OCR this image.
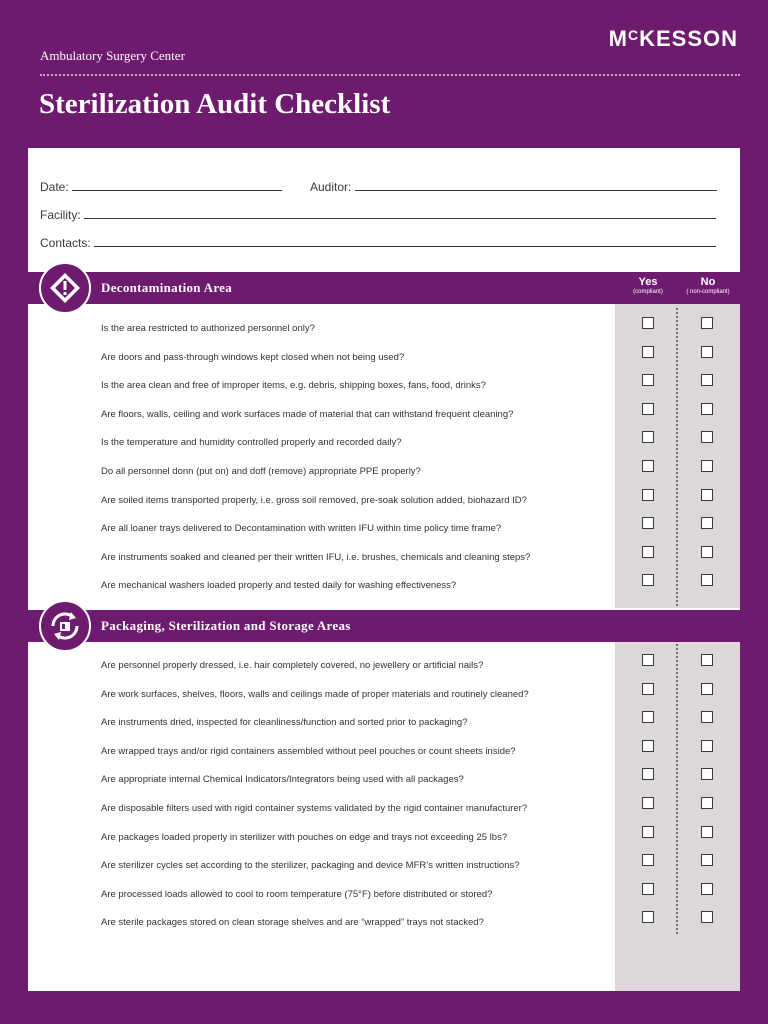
Ambulatory Surgery Center
$M^CKESSON$
Sterilization Audit Checklist
Date:	Auditor:
Facility:
Contacts:
Decontamination Area	Yes
(compliant)
No
( non-compliant)
Is the area restricted to authorized personnel only?
Are doors and pass-through windows kept closed when not being used?
Is the area clean and free of improper items, e.g. debris, shipping boxes, fans, food, drinks?
Are floors, walls, ceiling and work surfaces made of material that can withstand frequent cleaning?
Is the temperature and humidity controlled properly and recorded daily?
Do all personnel donn (put on) and doff (remove) appropriate PPE properly?
Are soiled items transported properly, i.e. gross soil removed, pre-soak solution added, biohazard ID?
Are all loaner trays delivered to Decontamination with written IFU within time policy time frame?
Are instruments soaked and cleaned per their written IFU, i.e. brushes, chemicals and cleaning steps?
Are mechanical washers loaded properly and tested daily for washing effectiveness?
Packaging, Sterilization and Storage Areas
Are personnel properly dressed, i.e. hair completely covered, no jewellery or artificial nails?
Are work surfaces, shelves, floors, walls and ceilings made of proper materials and routinely cleaned?
Are instruments dried, inspected for cleanliness/function and sorted prior to packaging?
Are wrapped trays and/or rigid containers assembled without peel pouches or count sheets inside?
Are appropriate internal Chemical Indicators/Integrators being used with all packages?
Are disposable filters used with rigid container systems validated by the rigid container manufacturer?
Are packages loaded properly in sterilizer with pouches on edge and trays not exceeding 25 lbs?
Are sterilizer cycles set according to the sterilizer, packaging and device MFR’s written instructions?
Are processed loads allowed to cool to room temperature (75°F) before distributed or stored?
Are sterile packages stored on clean storage shelves and are “wrapped” trays not stacked?
